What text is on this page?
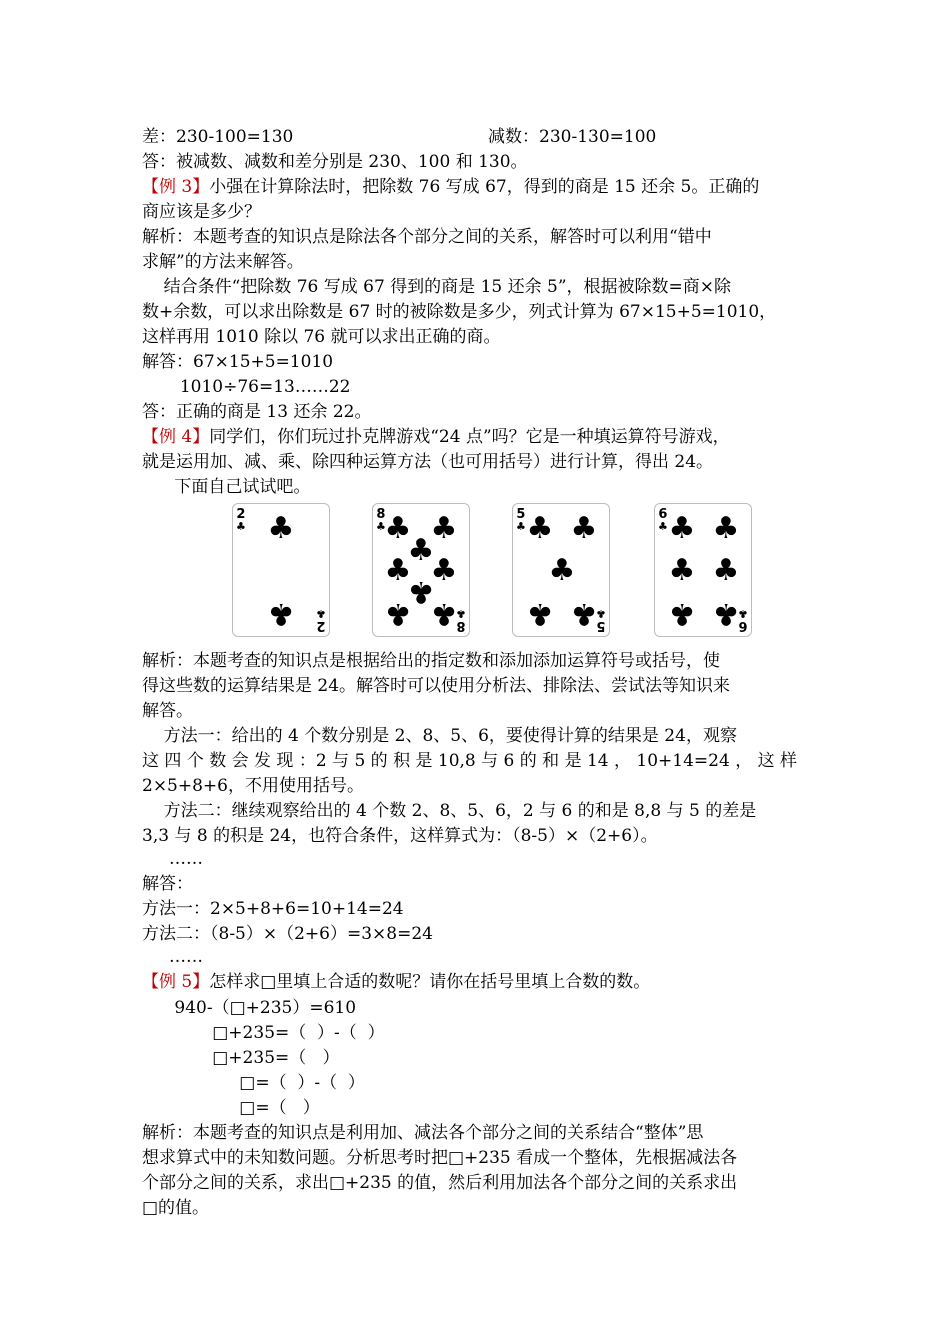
差：230-100=130	减数：230-130=100
答：被减数、减数和差分别是 230、100 和 130。
【例 3】小强在计算除法时，把除数 76 写成 67，得到的商是 15 还余 5。正确的
商应该是多少？
解析：本题考查的知识点是除法各个部分之间的关系，解答时可以利用“错中
求解”的方法来解答。
结合条件“把除数 76 写成 67 得到的商是 15 还余 5”，根据被除数=商×除
数+余数，可以求出除数是 67 时的被除数是多少，列式计算为 67×15+5=1010，
这样再用 1010 除以 76 就可以求出正确的商。
解答：67×15+5=1010
1010÷76=13……22
答：正确的商是 13 还余 22。
【例 4】同学们，你们玩过扑克牌游戏“24 点”吗？它是一种填运算符号游戏，
就是运用加、减、乘、除四种运算方法（也可用括号）进行计算，得出 24。
下面自己试试吧。
2
♣
2
♣
♣
♣
8
♣
8
♣
♣ ♣
♣
♣ ♣
♣
♣ ♣
5
♣
5
♣
♣ ♣
♣
♣ ♣
6
♣
6
♣
♣ ♣
♣ ♣
♣ ♣
解析：本题考查的知识点是根据给出的指定数和添加添加运算符号或括号，使
得这些数的运算结果是 24。解答时可以使用分析法、排除法、尝试法等知识来
解答。
方法一：给出的 4 个数分别是 2、8、5、6，要使得计算的结果是 24，观察
这 四 个 数 会 发 现 ：2 与 5 的 积 是 10,8 与 6 的 和 是 14 ， 10+14=24 ， 这 样
2×5+8+6，不用使用括号。
方法二：继续观察给出的 4 个数 2、8、5、6，2 与 6 的和是 8,8 与 5 的差是
3,3 与 8 的积是 24，也符合条件，这样算式为：（8-5）×（2+6）。
……
解答：
方法一：2×5+8+6=10+14=24
方法二：（8-5）×（2+6）=3×8=24
……
【例 5】怎样求□里填上合适的数呢？请你在括号里填上合数的数。
940-（□+235）=610
□+235=（  ）-（  ）
□+235=（   ）
□=（  ）-（  ）
□=（   ）
解析：本题考查的知识点是利用加、减法各个部分之间的关系结合“整体”思
想求算式中的未知数问题。分析思考时把□+235 看成一个整体，先根据减法各
个部分之间的关系，求出□+235 的值，然后利用加法各个部分之间的关系求出
□的值。
